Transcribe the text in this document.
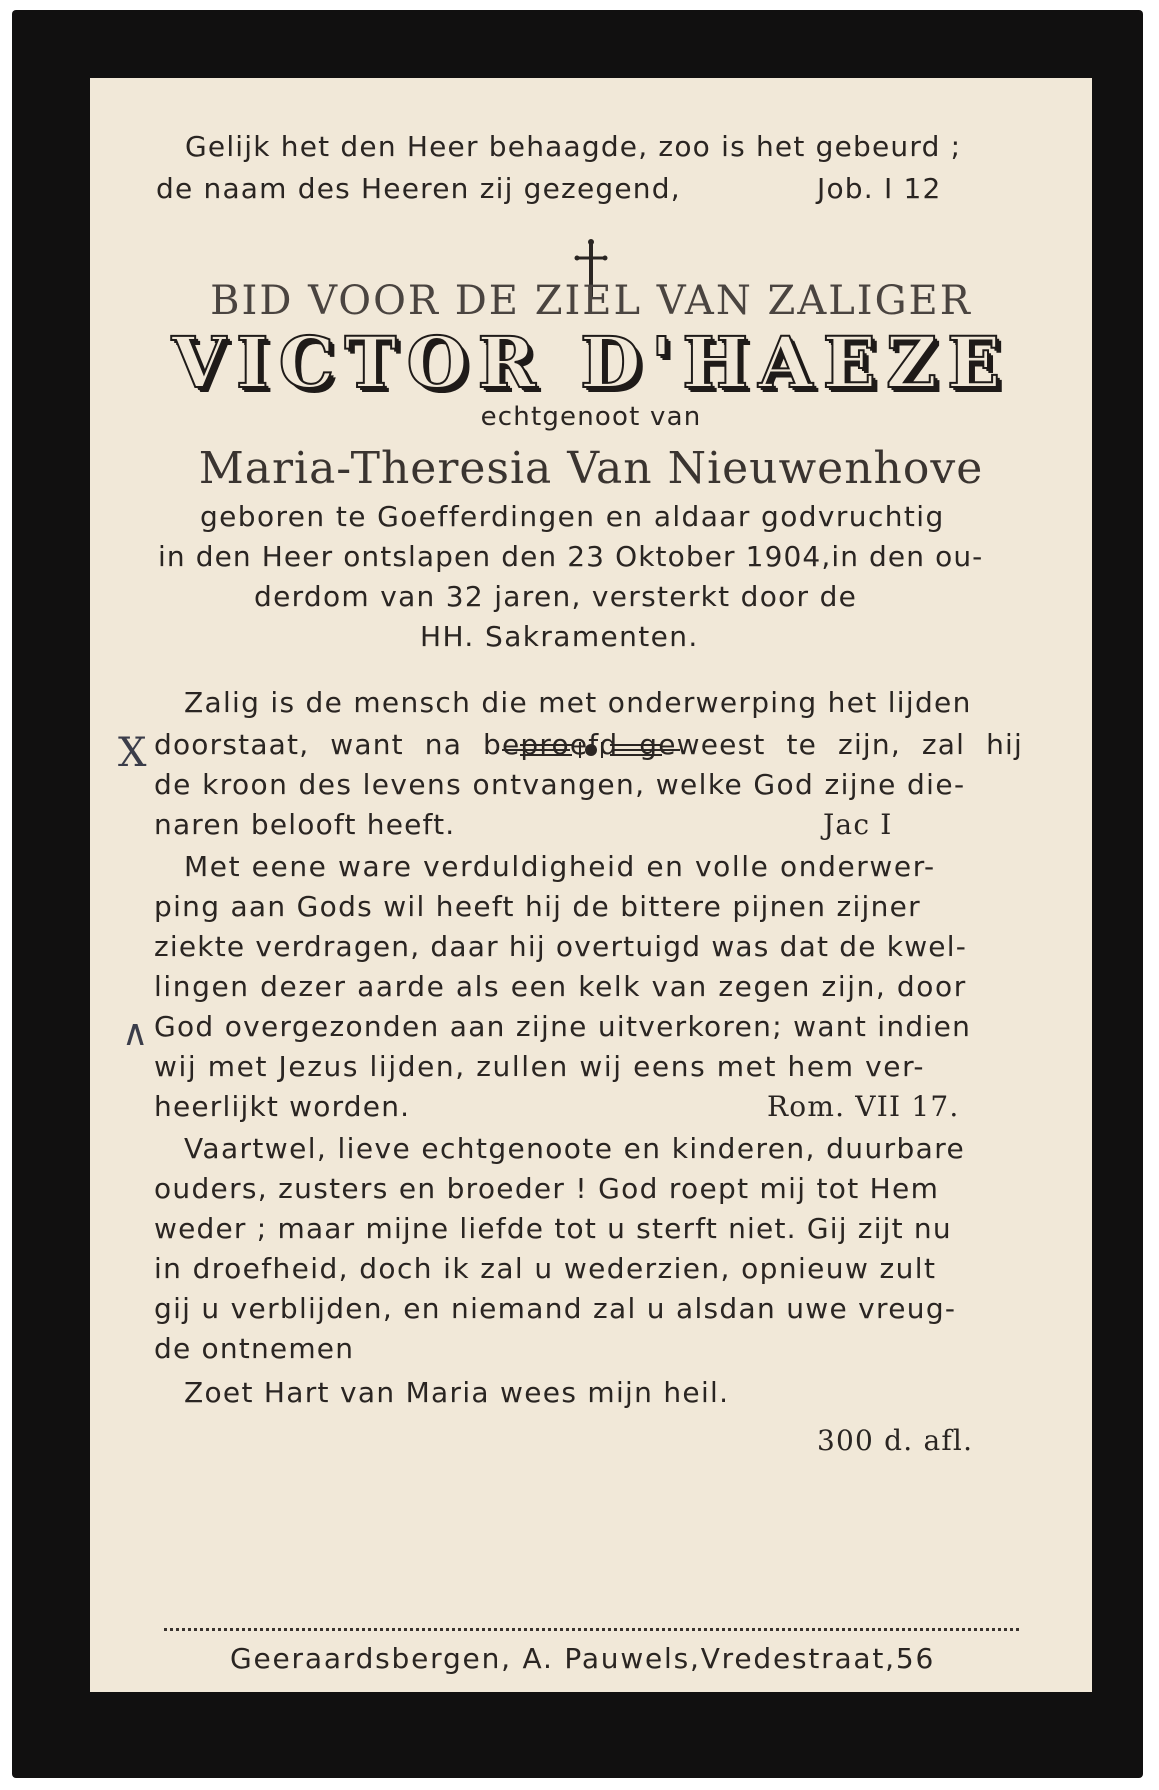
Gelijk het den Heer behaagde, zoo is het gebeurd ;
de naam des Heeren zij gezegend,	Job. I 12
BID VOOR DE ZIEL VAN ZALIGER
VICTOR D'HAEZE
echtgenoot van
Maria-Theresia Van Nieuwenhove
geboren te Goefferdingen en aldaar godvruchtig
in den Heer ontslapen den 23 Oktober 1904,in den ou-
derdom van 32 jaren, versterkt door de
HH. Sakramenten.
Zalig is de mensch die met onderwerping het lijden
doorstaat, want na beproefd geweest te zijn, zal hij
de kroon des levens ontvangen, welke God zijne die-
naren belooft heeft.	Jac I
Met eene ware verduldigheid en volle onderwer-
ping aan Gods wil heeft hij de bittere pijnen zijner
ziekte verdragen, daar hij overtuigd was dat de kwel-
lingen dezer aarde als een kelk van zegen zijn, door
God overgezonden aan zijne uitverkoren; want indien
wij met Jezus lijden, zullen wij eens met hem ver-
heerlijkt worden.	Rom. VII 17.
Vaartwel, lieve echtgenoote en kinderen, duurbare
ouders, zusters en broeder ! God roept mij tot Hem
weder ; maar mijne liefde tot u sterft niet. Gij zijt nu
in droefheid, doch ik zal u wederzien, opnieuw zult
gij u verblijden, en niemand zal u alsdan uwe vreug-
de ontnemen
Zoet Hart van Maria wees mijn heil.
300 d. afl.
Geeraardsbergen, A. Pauwels,Vredestraat,56
X
∧
